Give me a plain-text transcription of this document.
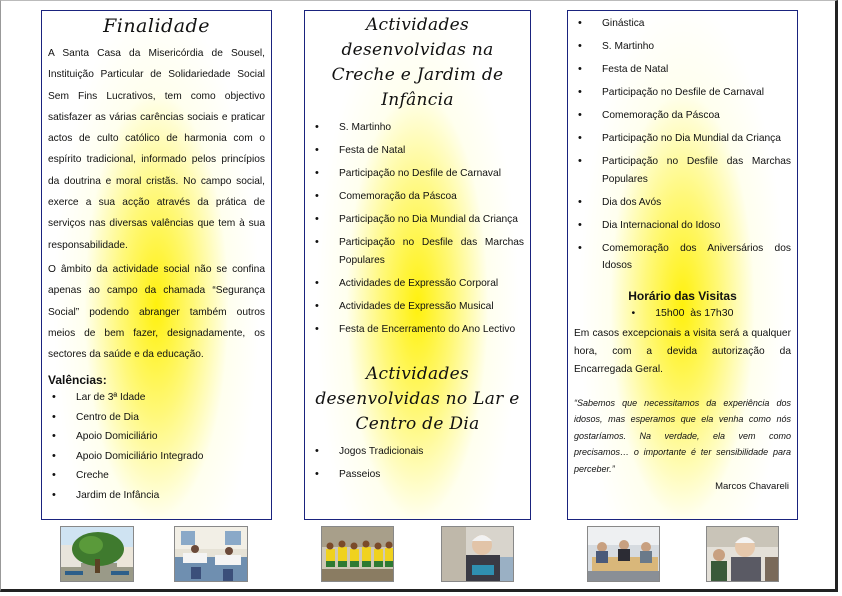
Finalidade
A Santa Casa da Misericórdia de Sousel, Instituição Particular de Solidariedade Social Sem Fins Lucrativos, tem como objectivo satisfazer as várias carências sociais e praticar actos de culto católico de harmonia com o espírito tradicional, informado pelos princípios da doutrina e moral cristãs. No campo social, exerce a sua acção através da prática de serviços nas diversas valências que tem à sua responsabilidade.
O âmbito da actividade social não se confina apenas ao campo da chamada “Segurança Social” podendo abranger também outros meios de bem fazer, designadamente, os sectores da saúde e da educação.
Valências:
• Lar de 3ª Idade
• Centro de Dia
• Apoio Domiciliário
• Apoio Domiciliário Integrado
• Creche
• Jardim de Infância
Actividades desenvolvidas na Creche e Jardim de Infância
• S. Martinho
• Festa de Natal
• Participação no Desfile de Carnaval
• Comemoração da Páscoa
• Participação no Dia Mundial da Criança
• Participação no Desfile das Marchas Populares
• Actividades de Expressão Corporal
• Actividades de Expressão Musical
• Festa de Encerramento do Ano Lectivo
Actividades desenvolvidas no Lar e Centro de Dia
• Jogos Tradicionais
• Passeios
• Ginástica
• S. Martinho
• Festa de Natal
• Participação no Desfile de Carnaval
• Comemoração da Páscoa
• Participação no Dia Mundial da Criança
• Participação no Desfile das Marchas Populares
• Dia dos Avós
• Dia Internacional do Idoso
• Comemoração dos Aniversários dos Idosos
Horário das Visitas
• 15h00  às 17h30
Em casos excepcionais a visita será a qualquer hora, com a devida autorização da Encarregada Geral.
“Sabemos que necessitamos da experiência dos idosos, mas esperamos que ela venha como nós gostaríamos. Na verdade, ela vem como precisamos… o importante é ter sensibilidade para perceber.”
Marcos Chavareli
